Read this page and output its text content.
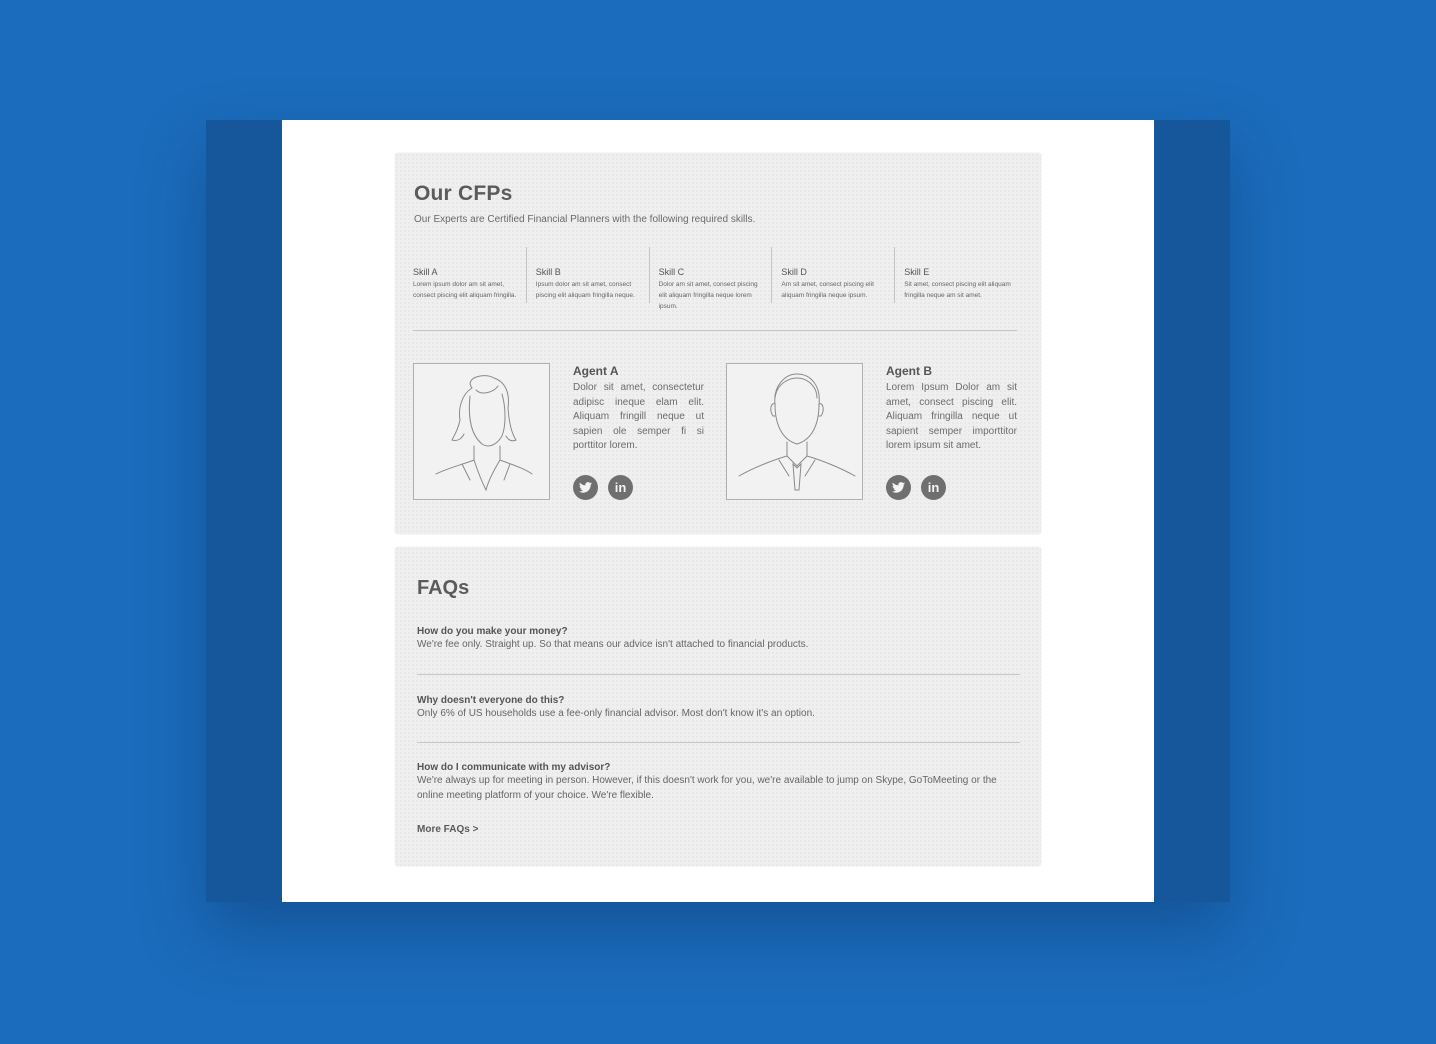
Our CFPs
Our Experts are Certified Financial Planners with the following required skills.
Skill A
Lorem ipsum dolor am sit amet, consect piscing elit aliquam fringilla.
Skill B
Ipsum dolor am sit amet, consect piscing elit aliquam fringilla neque.
Skill C
Dolor am sit amet, consect piscing elit aliquam fringilla neque lorem ipsum.
Skill D
Am sit amet, consect piscing elit aliquam fringilla neque ipsum.
Skill E
Sit amet, consect piscing elit aliquam fringilla neque am sit amet.
Agent A
Dolor sit amet, consectetur adipisc ineque elam elit. Aliquam fringill neque ut sapien ole semper fi si porttitor lorem.
in
Agent B
Lorem Ipsum Dolor am sit amet, consect piscing elit. Aliquam fringilla neque ut sapient semper importtitor lorem ipsum sit amet.
in
FAQs
How do you make your money?
We're fee only. Straight up. So that means our advice isn't attached to financial products.
Why doesn't everyone do this?
Only 6% of US households use a fee-only financial advisor. Most don't know it's an option.
How do I communicate with my advisor?
We're always up for meeting in person. However, if this doesn't work for you, we're available to jump on Skype, GoToMeeting or the online meeting platform of your choice. We're flexible.
More FAQs >
